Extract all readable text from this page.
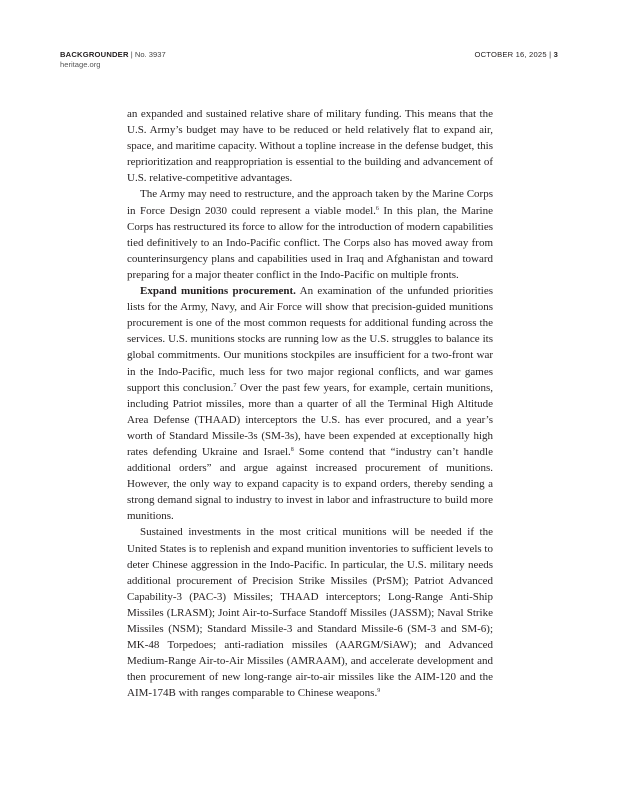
BACKGROUNDER | No. 3937
heritage.org
OCTOBER 16, 2025 | 3

an expanded and sustained relative share of military funding. This means that the U.S. Army’s budget may have to be reduced or held relatively flat to expand air, space, and maritime capacity. Without a topline increase in the defense budget, this reprioritization and reappropriation is essential to the building and advancement of U.S. relative-competitive advantages.

The Army may need to restructure, and the approach taken by the Marine Corps in Force Design 2030 could represent a viable model.$^6$ In this plan, the Marine Corps has restructured its force to allow for the introduction of modern capabilities tied definitively to an Indo-Pacific conflict. The Corps also has moved away from counterinsurgency plans and capabilities used in Iraq and Afghanistan and toward preparing for a major theater conflict in the Indo-Pacific on multiple fronts.

Expand munitions procurement. An examination of the unfunded priorities lists for the Army, Navy, and Air Force will show that precision-guided munitions procurement is one of the most common requests for additional funding across the services. U.S. munitions stocks are running low as the U.S. struggles to balance its global commitments. Our munitions stockpiles are insufficient for a two-front war in the Indo-Pacific, much less for two major regional conflicts, and war games support this conclusion.$^7$ Over the past few years, for example, certain munitions, including Patriot missiles, more than a quarter of all the Terminal High Altitude Area Defense (THAAD) interceptors the U.S. has ever procured, and a year’s worth of Standard Missile-3s (SM-3s), have been expended at exceptionally high rates defending Ukraine and Israel.$^8$ Some contend that “industry can’t handle additional orders” and argue against increased procurement of munitions. However, the only way to expand capacity is to expand orders, thereby sending a strong demand signal to industry to invest in labor and infrastructure to build more munitions.

Sustained investments in the most critical munitions will be needed if the United States is to replenish and expand munition inventories to sufficient levels to deter Chinese aggression in the Indo-Pacific. In particular, the U.S. military needs additional procurement of Precision Strike Missiles (PrSM); Patriot Advanced Capability-3 (PAC-3) Missiles; THAAD interceptors; Long-Range Anti-Ship Missiles (LRASM); Joint Air-to-Surface Standoff Missiles (JASSM); Naval Strike Missiles (NSM); Standard Missile-3 and Standard Missile-6 (SM-3 and SM-6); MK-48 Torpedoes; anti-radiation missiles (AARGM/SiAW); and Advanced Medium-Range Air-to-Air Missiles (AMRAAM), and accelerate development and then procurement of new long-range air-to-air missiles like the AIM-120 and the AIM-174B with ranges comparable to Chinese weapons.$^9$
